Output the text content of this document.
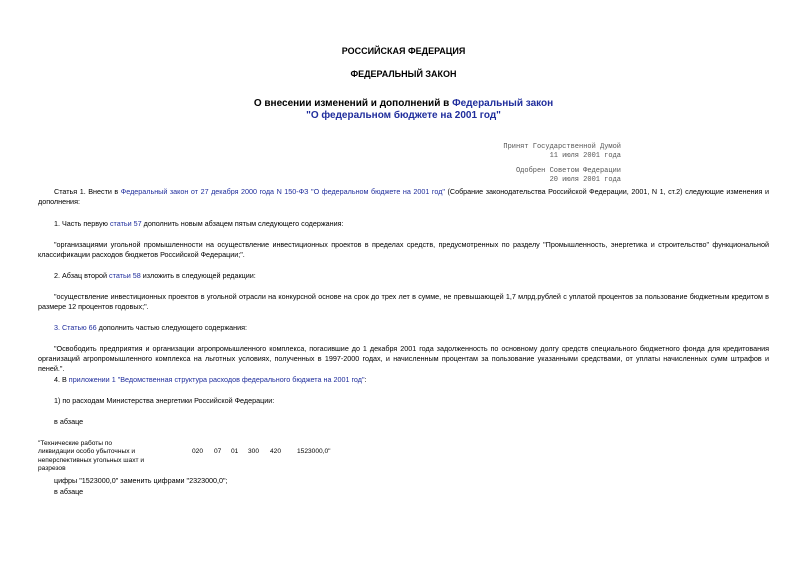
РОССИЙСКАЯ ФЕДЕРАЦИЯ
ФЕДЕРАЛЬНЫЙ ЗАКОН
О внесении изменений и дополнений в Федеральный закон
"О федеральном бюджете на 2001 год"
Принят Государственной Думой
11 июля 2001 года
Одобрен Советом Федерации
20 июля 2001 года
Статья 1. Внести в Федеральный закон от 27 декабря 2000 года N 150-ФЗ "О федеральном бюджете на 2001 год" (Собрание законодательства Российской Федерации, 2001, N 1, ст.2) следующие изменения и дополнения:
1. Часть первую статьи 57 дополнить новым абзацем пятым следующего содержания:
"организациями угольной промышленности на осуществление инвестиционных проектов в пределах средств, предусмотренных по разделу "Промышленность, энергетика и строительство" функциональной классификации расходов бюджетов Российской Федерации;".
2. Абзац второй статьи 58 изложить в следующей редакции:
"осуществление инвестиционных проектов в угольной отрасли на конкурсной основе на срок до трех лет в сумме, не превышающей 1,7 млрд.рублей с уплатой процентов за пользование бюджетным кредитом в размере 12 процентов годовых;".
3. Статью 66 дополнить частью следующего содержания:
"Освободить предприятия и организации агропромышленного комплекса, погасившие до 1 декабря 2001 года задолженность по основному долгу средств специального бюджетного фонда для кредитования организаций агропромышленного комплекса на льготных условиях, полученных в 1997-2000 годах, и начисленным процентам за пользование указанными средствами, от уплаты начисленных сумм штрафов и пеней.".
4. В приложении 1 "Ведомственная структура расходов федерального бюджета на 2001 год":
1) по расходам Министерства энергетики Российской Федерации:
в абзаце
"Технические работы по
ликвидации особо убыточных и
неперспективных угольных шахт и
разрезов
020 07 01 300 420 1523000,0"
цифры "1523000,0" заменить цифрами "2323000,0";
в абзаце
